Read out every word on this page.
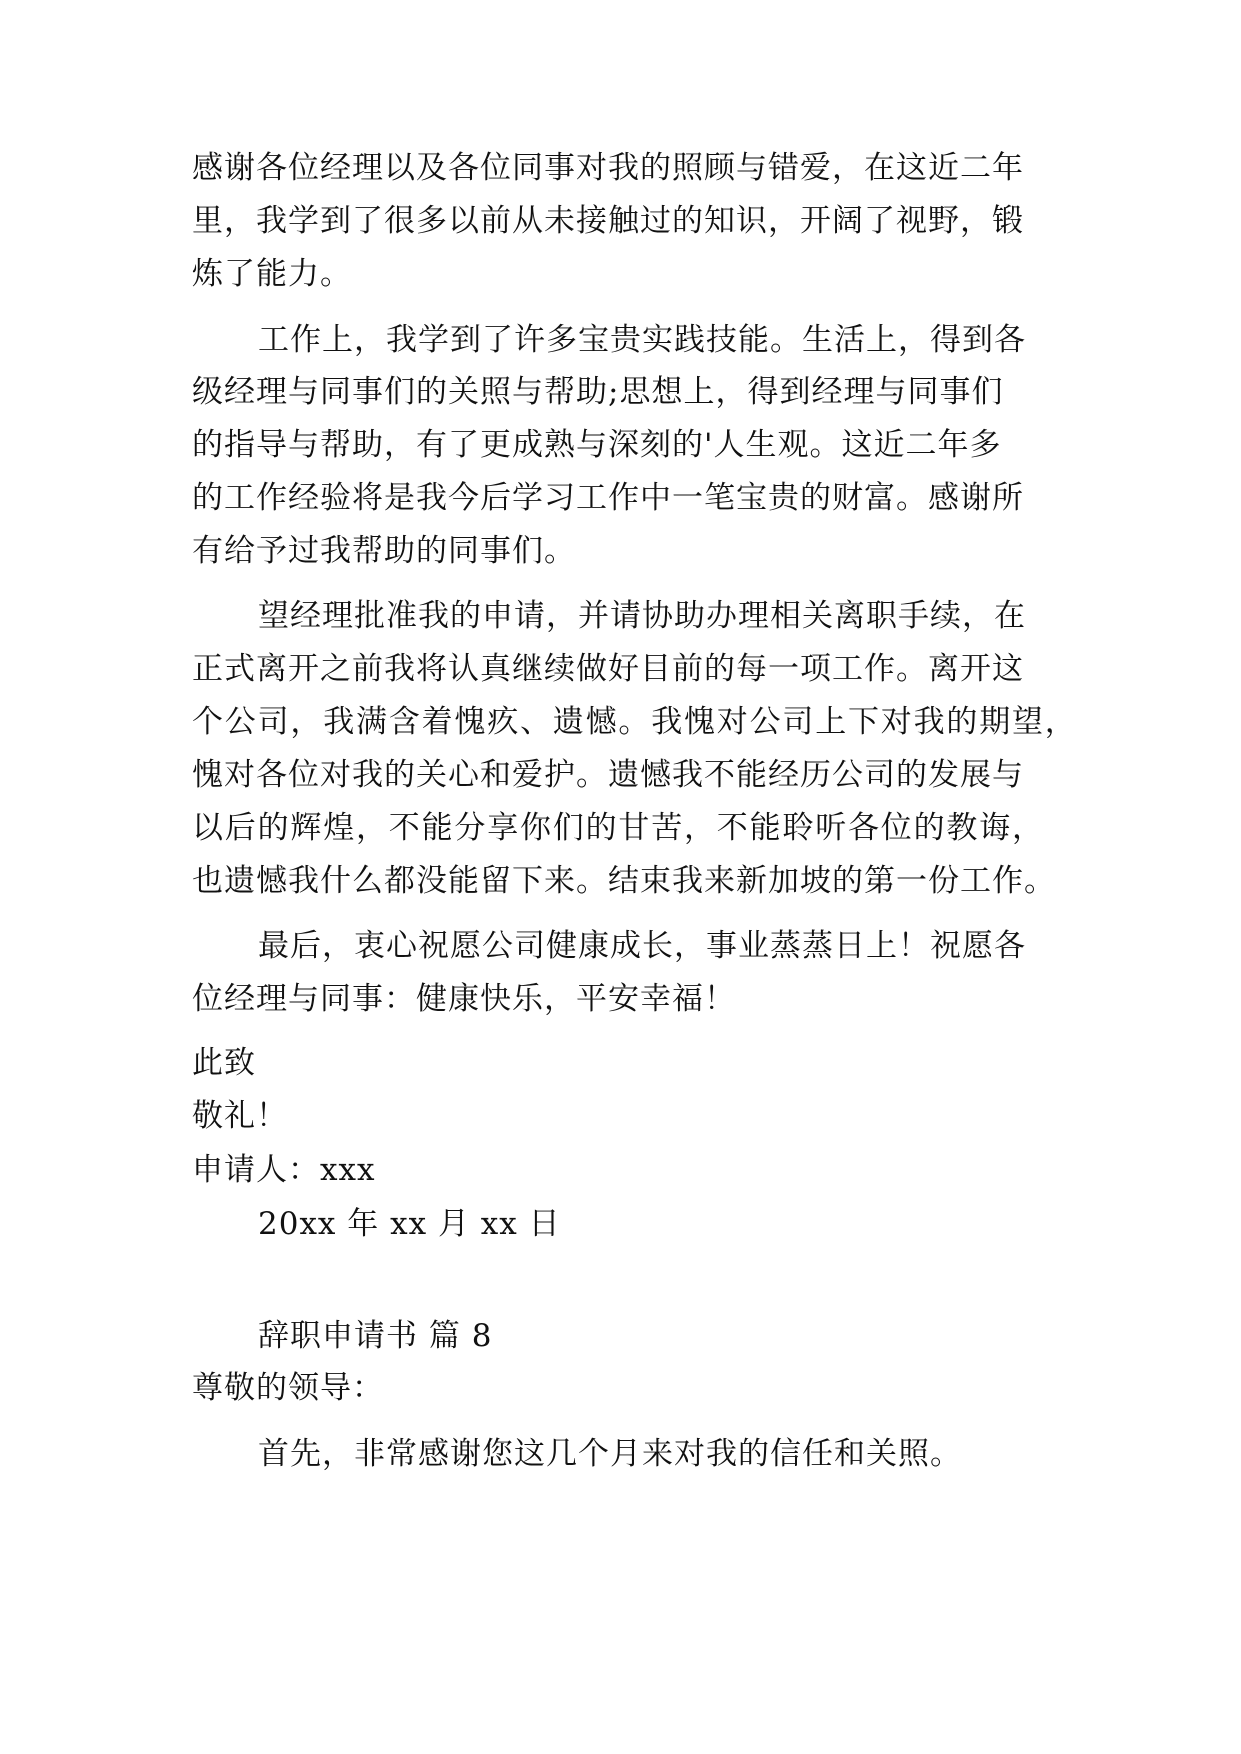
感谢各位经理以及各位同事对我的照顾与错爱，在这近二年
里，我学到了很多以前从未接触过的知识，开阔了视野，锻
炼了能力。
工作上，我学到了许多宝贵实践技能。生活上，得到各
级经理与同事们的关照与帮助;思想上，得到经理与同事们
的指导与帮助，有了更成熟与深刻的'人生观。这近二年多
的工作经验将是我今后学习工作中一笔宝贵的财富。感谢所
有给予过我帮助的同事们。
望经理批准我的申请，并请协助办理相关离职手续，在
正式离开之前我将认真继续做好目前的每一项工作。离开这
个公司，我满含着愧疚、遗憾。我愧对公司上下对我的期望，
愧对各位对我的关心和爱护。遗憾我不能经历公司的发展与
以后的辉煌，不能分享你们的甘苦，不能聆听各位的教诲，
也遗憾我什么都没能留下来。结束我来新加坡的第一份工作。
最后，衷心祝愿公司健康成长，事业蒸蒸日上！祝愿各
位经理与同事：健康快乐，平安幸福！
此致
敬礼！
申请人：xxx
20xx 年 xx 月 xx 日
辞职申请书 篇 8
尊敬的领导：
首先，非常感谢您这几个月来对我的信任和关照。
